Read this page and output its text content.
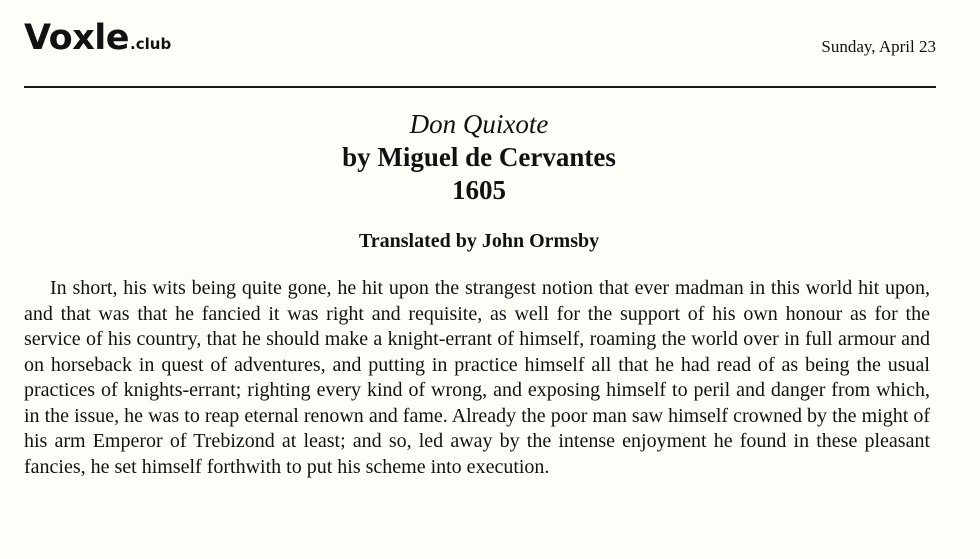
Voxle.club	Sunday, April 23
Don Quixote
by Miguel de Cervantes
1605
Translated by John Ormsby

In short, his wits being quite gone, he hit upon the strangest notion that ever madman in this world hit upon, and that was that he fancied it was right and requisite, as well for the support of his own honour as for the service of his country, that he should make a knight-errant of himself, roaming the world over in full armour and on horseback in quest of adventures, and putting in practice himself all that he had read of as being the usual practices of knights-errant; righting every kind of wrong, and exposing himself to peril and danger from which, in the issue, he was to reap eternal renown and fame. Already the poor man saw himself crowned by the might of his arm Emperor of Trebizond at least; and so, led away by the intense enjoyment he found in these pleasant fancies, he set himself forthwith to put his scheme into execution.
